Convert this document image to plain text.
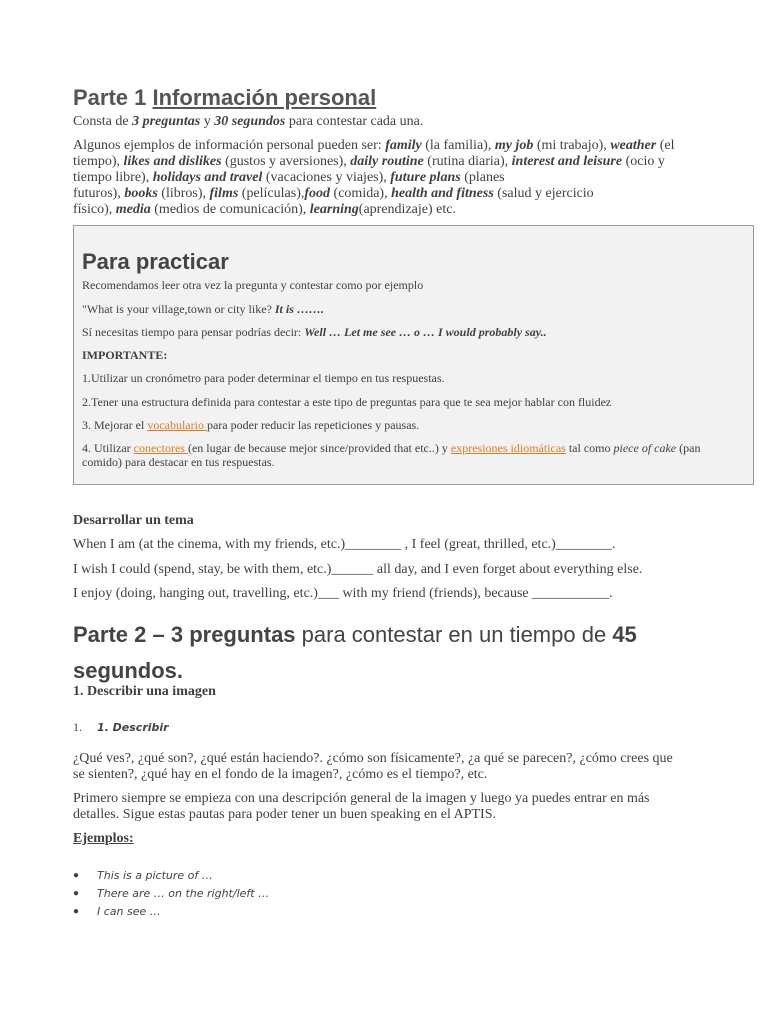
Parte 1 Información personal
Consta de 3 preguntas y 30 segundos para contestar cada una.
Algunos ejemplos de información personal pueden ser: family (la familia), my job (mi trabajo), weather (el
tiempo), likes and dislikes (gustos y aversiones), daily routine (rutina diaria), interest and leisure (ocio y
tiempo libre), holidays and travel (vacaciones y viajes), future plans (planes
futuros), books (libros), films (películas),food (comida), health and fitness (salud y ejercicio
físico), media (medios de comunicación), learning(aprendizaje) etc.
Para practicar
Recomendamos leer otra vez la pregunta y contestar como por ejemplo
"What is your village,town or city like? It is …….
Sí necesitas tiempo para pensar podrías decir: Well … Let me see … o … I would probably say..
IMPORTANTE:
1.Utilizar un cronómetro para poder determinar el tiempo en tus respuestas.
2.Tener una estructura definida para contestar a este tipo de preguntas para que te sea mejor hablar con fluidez
3. Mejorar el vocabulario para poder reducir las repeticiones y pausas.
4. Utilizar conectores (en lugar de because mejor since/provided that etc..) y expresiones idiomáticas tal como piece of cake (pan
comido) para destacar en tus respuestas.
Desarrollar un tema
When I am (at the cinema, with my friends, etc.)________ , I feel (great, thrilled, etc.)________.
I wish I could (spend, stay, be with them, etc.)______ all day, and I even forget about everything else.
I enjoy (doing, hanging out, travelling, etc.)___ with my friend (friends), because ___________.
Parte 2 – 3 preguntas para contestar en un tiempo de 45
segundos.
1. Describir una imagen
1. 1. Describir
¿Qué ves?, ¿qué son?, ¿qué están haciendo?. ¿cómo son físicamente?, ¿a qué se parecen?, ¿cómo crees que
se sienten?, ¿qué hay en el fondo de la imagen?, ¿cómo es el tiempo?, etc.
Primero siempre se empieza con una descripción general de la imagen y luego ya puedes entrar en más
detalles. Sigue estas pautas para poder tener un buen speaking en el APTIS.
Ejemplos:
● This is a picture of …
● There are … on the right/left …
● I can see …
